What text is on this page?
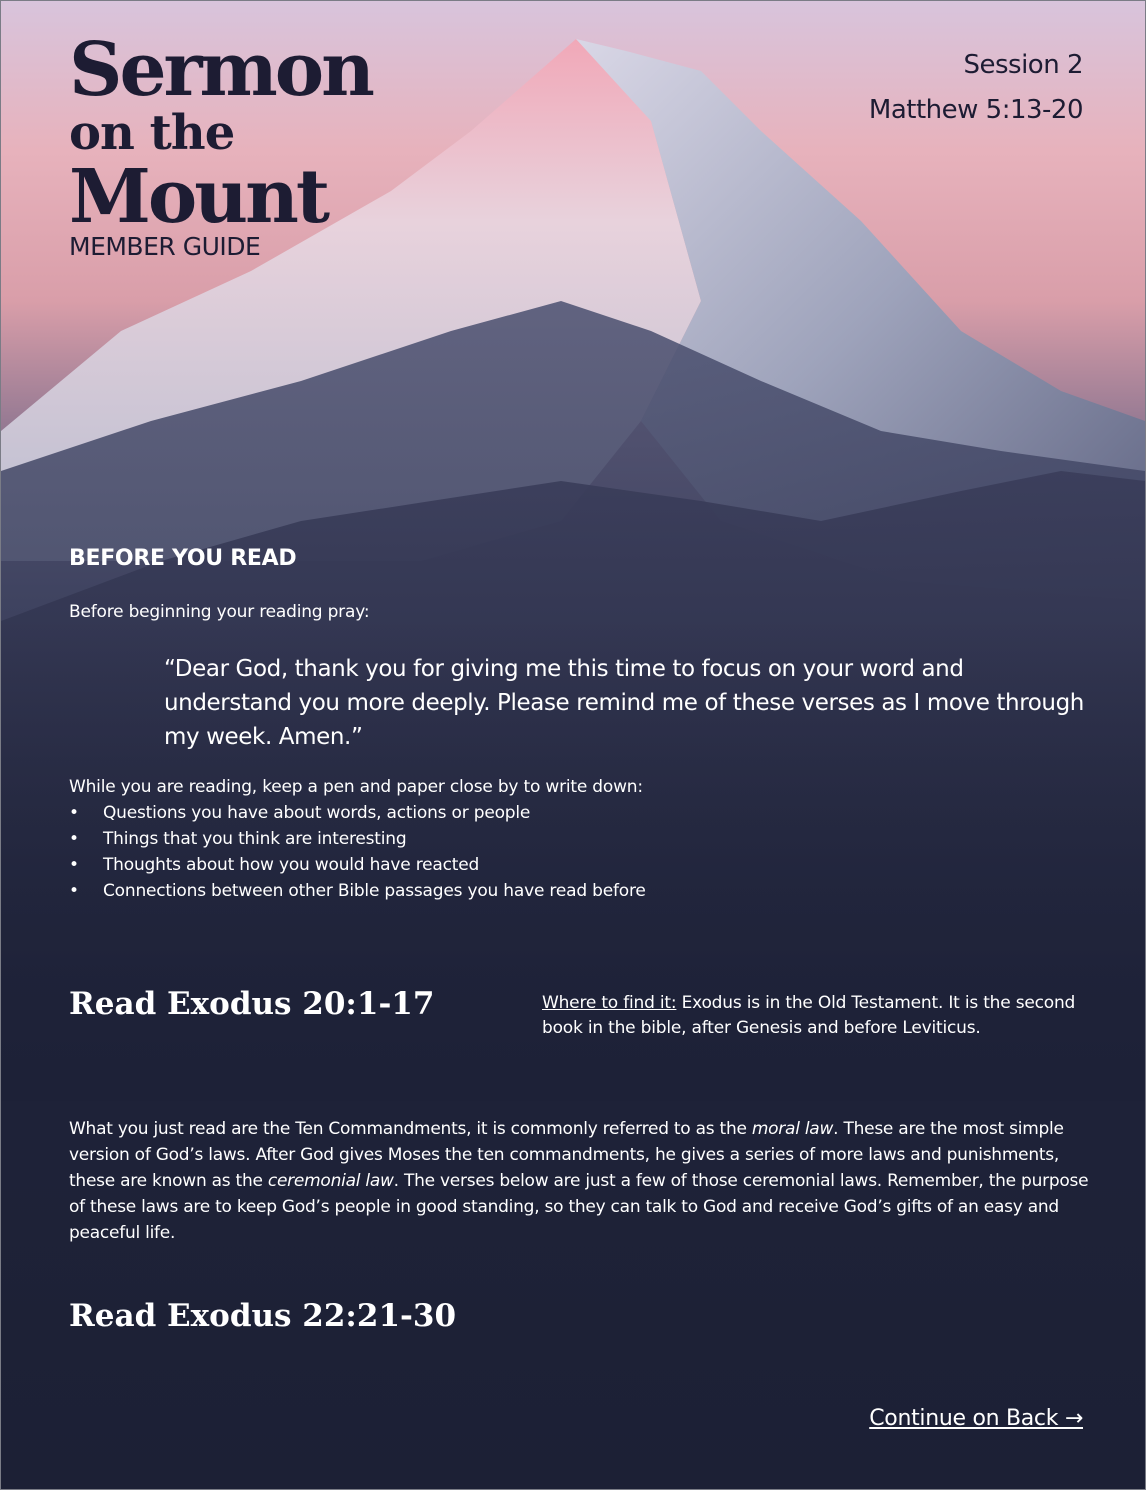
Sermon
on the
Mount
MEMBER GUIDE
Session 2
Matthew 5:13-20
BEFORE YOU READ
Before beginning your reading pray:
“Dear God, thank you for giving me this time to focus on your word and understand you more deeply. Please remind me of these verses as I move through my week. Amen.”
While you are reading, keep a pen and paper close by to write down:
• Questions you have about words, actions or people
• Things that you think are interesting
• Thoughts about how you would have reacted
• Connections between other Bible passages you have read before
Read Exodus 20:1-17	Where to find it: Exodus is in the Old Testament. It is the second book in the bible, after Genesis and before Leviticus.
What you just read are the Ten Commandments, it is commonly referred to as the moral law. These are the most simple version of God’s laws. After God gives Moses the ten commandments, he gives a series of more laws and punishments, these are known as the ceremonial law. The verses below are just a few of those ceremonial laws. Remember, the purpose of these laws are to keep God’s people in good standing, so they can talk to God and receive God’s gifts of an easy and peaceful life.
Read Exodus 22:21-30
Continue on Back →
